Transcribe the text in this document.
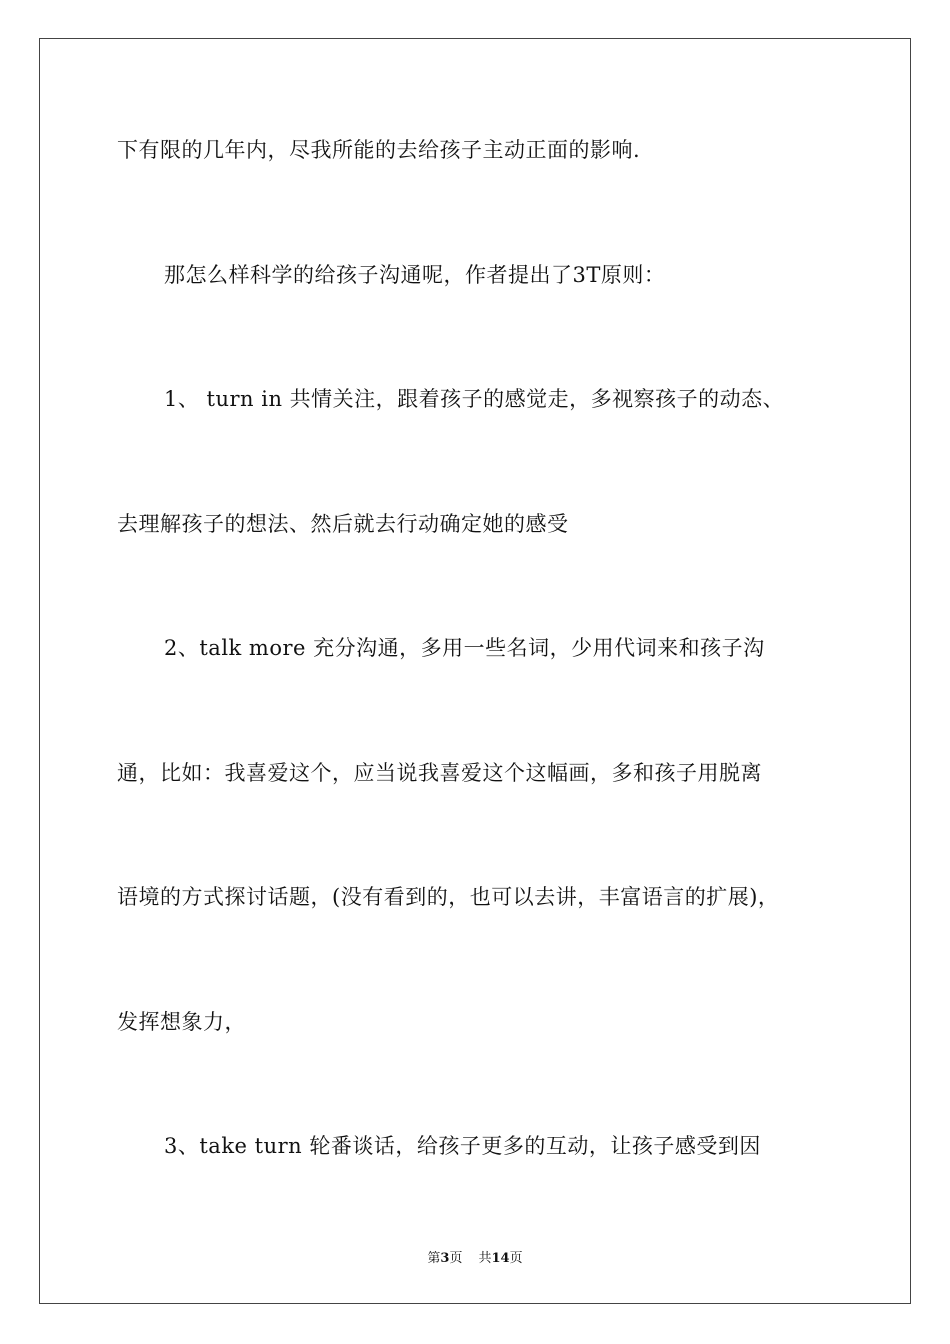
下有限的几年内，尽我所能的去给孩子主动正面的影响.
那怎么样科学的给孩子沟通呢，作者提出了3T原则：
1、 turn in 共情关注，跟着孩子的感觉走，多视察孩子的动态、
去理解孩子的想法、然后就去行动确定她的感受
2、talk more 充分沟通，多用一些名词，少用代词来和孩子沟
通，比如：我喜爱这个，应当说我喜爱这个这幅画，多和孩子用脱离
语境的方式探讨话题，(没有看到的，也可以去讲，丰富语言的扩展)，
发挥想象力，
3、take turn 轮番谈话，给孩子更多的互动，让孩子感受到因
第3页 共14页
